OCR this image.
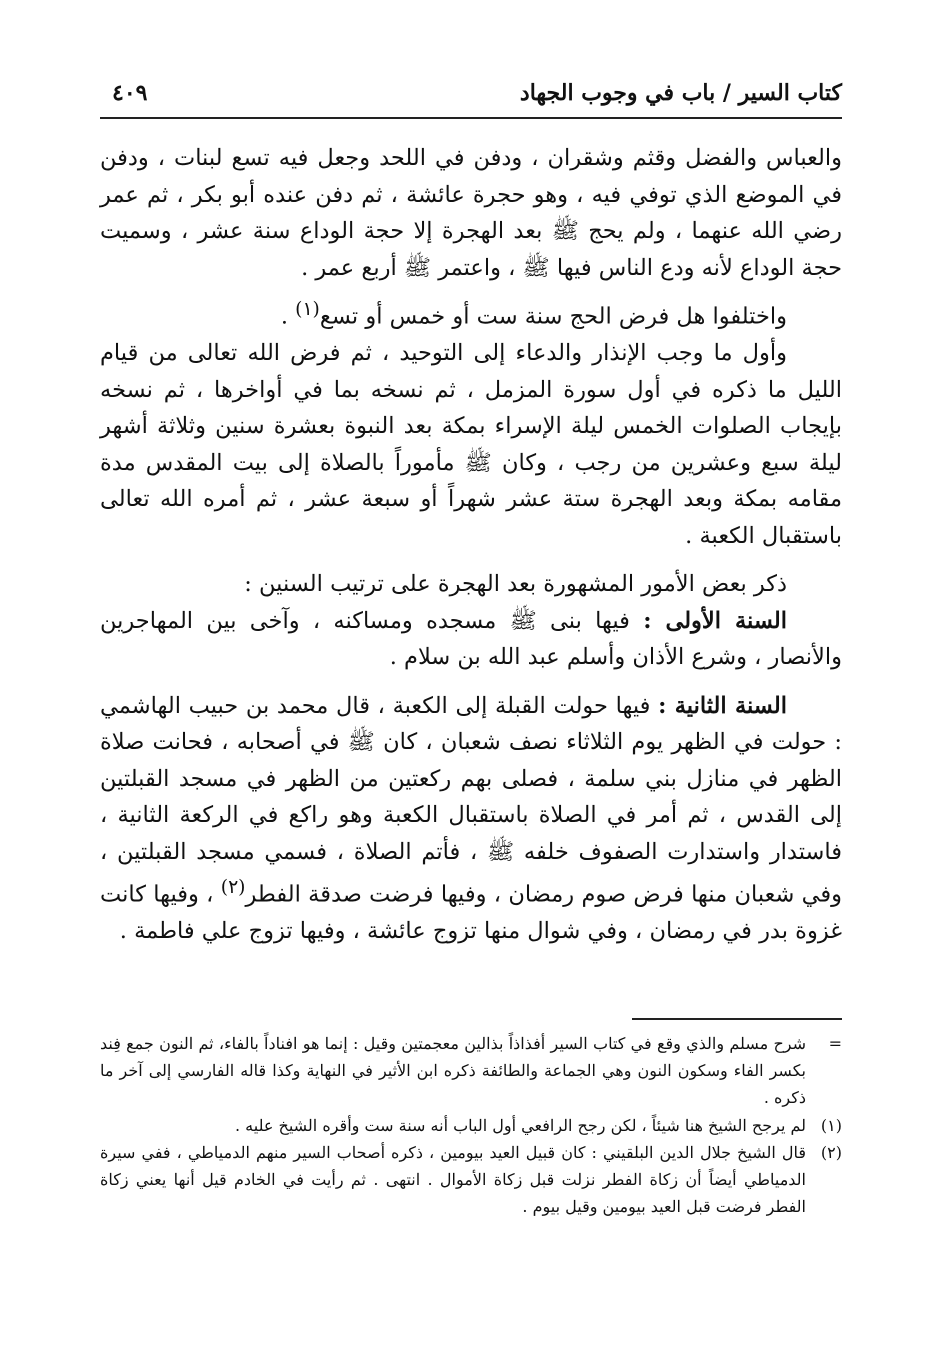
كتاب السير / باب في وجوب الجهاد
٤٠٩

والعباس والفضل وقثم وشقران ، ودفن في اللحد وجعل فيه تسع لبنات ، ودفن في الموضع الذي توفي فيه ، وهو حجرة عائشة ، ثم دفن عنده أبو بكر ، ثم عمر رضي الله عنهما ، ولم يحج ﷺ بعد الهجرة إلا حجة الوداع سنة عشر ، وسميت حجة الوداع لأنه ودع الناس فيها ﷺ ، واعتمر ﷺ أربع عمر .

واختلفوا هل فرض الحج سنة ست أو خمس أو تسع$^{(١)}$ .

وأول ما وجب الإنذار والدعاء إلى التوحيد ، ثم فرض الله تعالى من قيام الليل ما ذكره في أول سورة المزمل ، ثم نسخه بما في أواخرها ، ثم نسخه بإيجاب الصلوات الخمس ليلة الإسراء بمكة بعد النبوة بعشرة سنين وثلاثة أشهر ليلة سبع وعشرين من رجب ، وكان ﷺ مأموراً بالصلاة إلى بيت المقدس مدة مقامه بمكة وبعد الهجرة ستة عشر شهراً أو سبعة عشر ، ثم أمره الله تعالى باستقبال الكعبة .

ذكر بعض الأمور المشهورة بعد الهجرة على ترتيب السنين :

السنة الأولى : فيها بنى ﷺ مسجده ومساكنه ، وآخى بين المهاجرين والأنصار ، وشرع الأذان وأسلم عبد الله بن سلام .

السنة الثانية : فيها حولت القبلة إلى الكعبة ، قال محمد بن حبيب الهاشمي : حولت في الظهر يوم الثلاثاء نصف شعبان ، كان ﷺ في أصحابه ، فحانت صلاة الظهر في منازل بني سلمة ، فصلى بهم ركعتين من الظهر في مسجد القبلتين إلى القدس ، ثم أمر في الصلاة باستقبال الكعبة وهو راكع في الركعة الثانية ، فاستدار واستدارت الصفوف خلفه ﷺ ، فأتم الصلاة ، فسمي مسجد القبلتين ، وفي شعبان منها فرض صوم رمضان ، وفيها فرضت صدقة الفطر$^{(٢)}$ ، وفيها كانت غزوة بدر في رمضان ، وفي شوال منها تزوج عائشة ، وفيها تزوج علي فاطمة .

=
شرح مسلم والذي وقع في كتاب السير أفذاذاً بذالين معجمتين وقيل : إنما هو افناداً بالفاء، ثم النون جمع فِند بكسر الفاء وسكون النون وهي الجماعة والطائفة ذكره ابن الأثير في النهاية وكذا قاله الفارسي إلى آخر ما ذكره .

(١)
لم يرجح الشيخ هنا شيئاً ، لكن رجح الرافعي أول الباب أنه سنة ست وأقره الشيخ عليه .

(٢)
قال الشيخ جلال الدين البلقيني : كان قبيل العيد بيومين ، ذكره أصحاب السير منهم الدمياطي ، ففي سيرة الدمياطي أيضاً أن زكاة الفطر نزلت قبل زكاة الأموال . انتهى . ثم رأيت في الخادم قيل أنها يعني زكاة الفطر فرضت قبل العيد بيومين وقيل بيوم .
